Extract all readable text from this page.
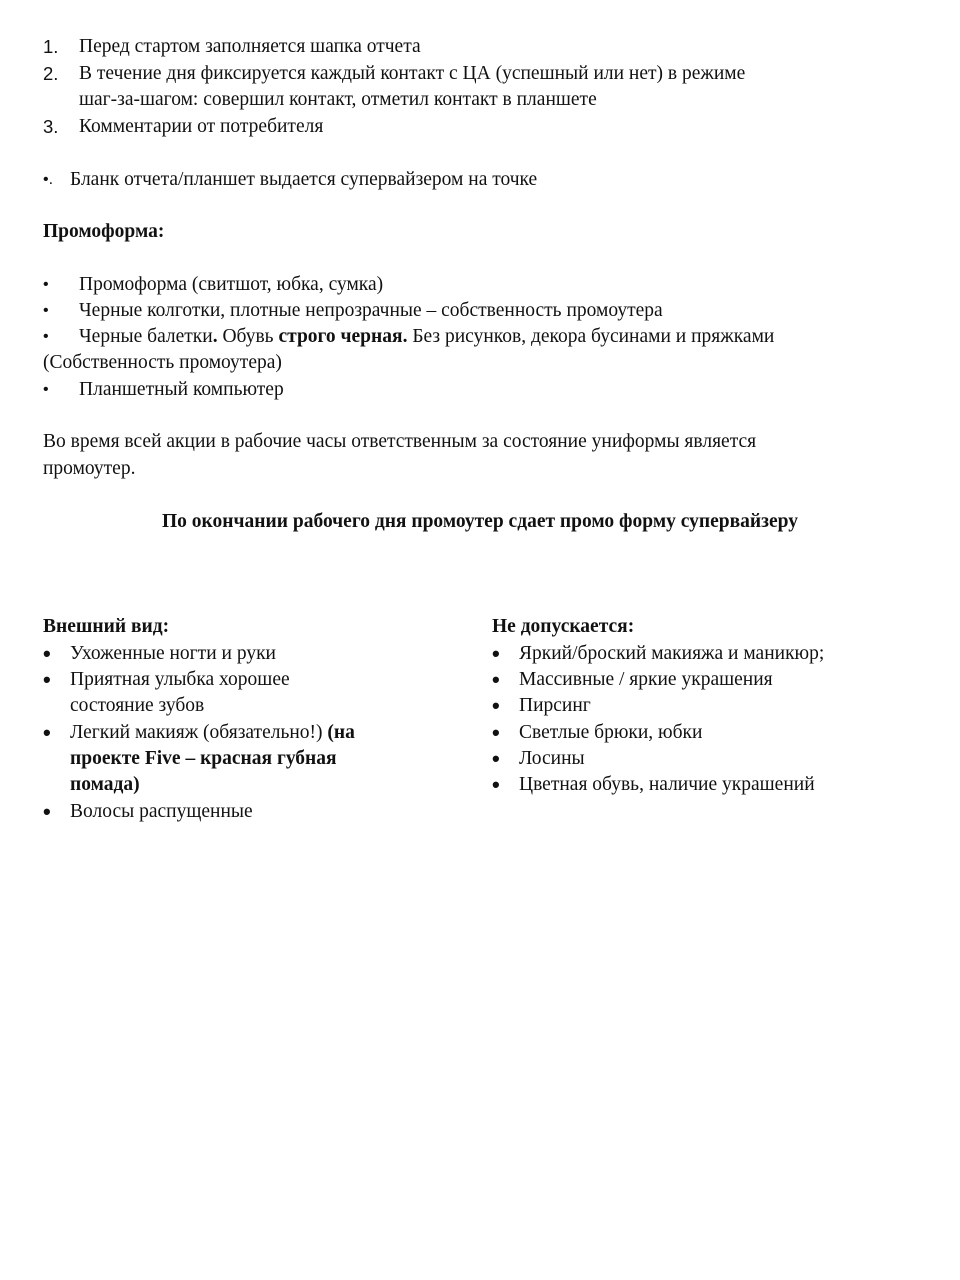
1. Перед стартом заполняется шапка отчета
2. В течение дня фиксируется каждый контакт с ЦА (успешный или нет) в режиме
шаг-за-шагом: совершил контакт, отметил контакт в планшете
3. Комментарии от потребителя
•. Бланк отчета/планшет выдается супервайзером на точке
Промоформа:
• Промоформа (свитшот, юбка, сумка)
• Черные колготки, плотные непрозрачные – собственность промоутера
• Черные балетки. Обувь строго черная. Без рисунков, декора бусинами и пряжками
(Собственность промоутера)
• Планшетный компьютер
Во время всей акции в рабочие часы ответственным за состояние униформы является
промоутер.
По окончании рабочего дня промоутер сдает промо форму супервайзеру
Внешний вид:
• Ухоженные ногти и руки
• Приятная улыбка хорошее
состояние зубов
• Легкий макияж (обязательно!) (на
проекте Five – красная губная
помада)
• Волосы распущенные
Не допускается:
• Яркий/броский макияжа и маникюр;
• Массивные / яркие украшения
• Пирсинг
• Светлые брюки, юбки
• Лосины
• Цветная обувь, наличие украшений
